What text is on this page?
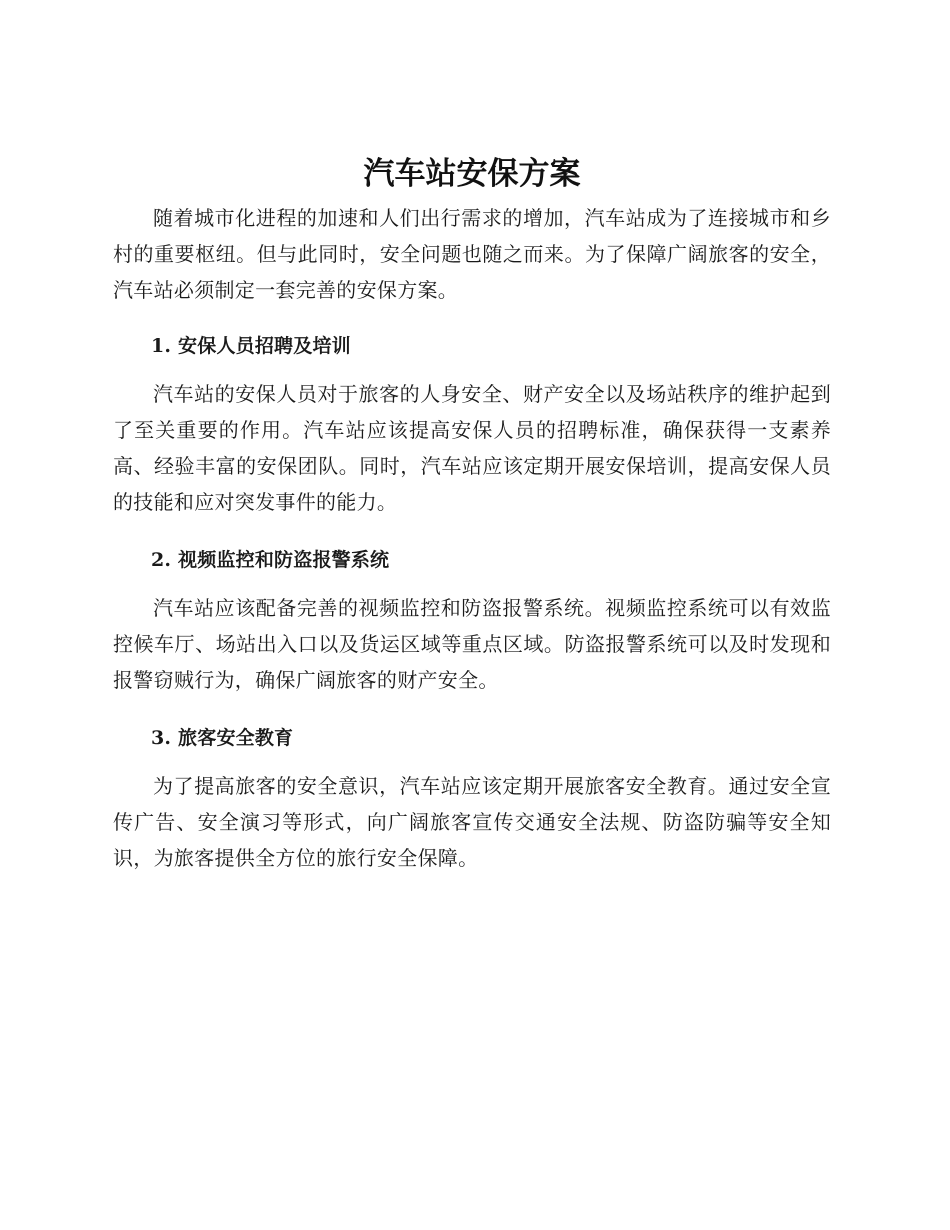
汽车站安保方案

随着城市化进程的加速和人们出行需求的增加，汽车站成为了连接城市和乡村的重要枢纽。但与此同时，安全问题也随之而来。为了保障广阔旅客的安全，汽车站必须制定一套完善的安保方案。

1. 安保人员招聘及培训

汽车站的安保人员对于旅客的人身安全、财产安全以及场站秩序的维护起到了至关重要的作用。汽车站应该提高安保人员的招聘标准，确保获得一支素养高、经验丰富的安保团队。同时，汽车站应该定期开展安保培训，提高安保人员的技能和应对突发事件的能力。

2. 视频监控和防盗报警系统

汽车站应该配备完善的视频监控和防盗报警系统。视频监控系统可以有效监控候车厅、场站出入口以及货运区域等重点区域。防盗报警系统可以及时发现和报警窃贼行为，确保广阔旅客的财产安全。

3. 旅客安全教育

为了提高旅客的安全意识，汽车站应该定期开展旅客安全教育。通过安全宣传广告、安全演习等形式，向广阔旅客宣传交通安全法规、防盗防骗等安全知识，为旅客提供全方位的旅行安全保障。
